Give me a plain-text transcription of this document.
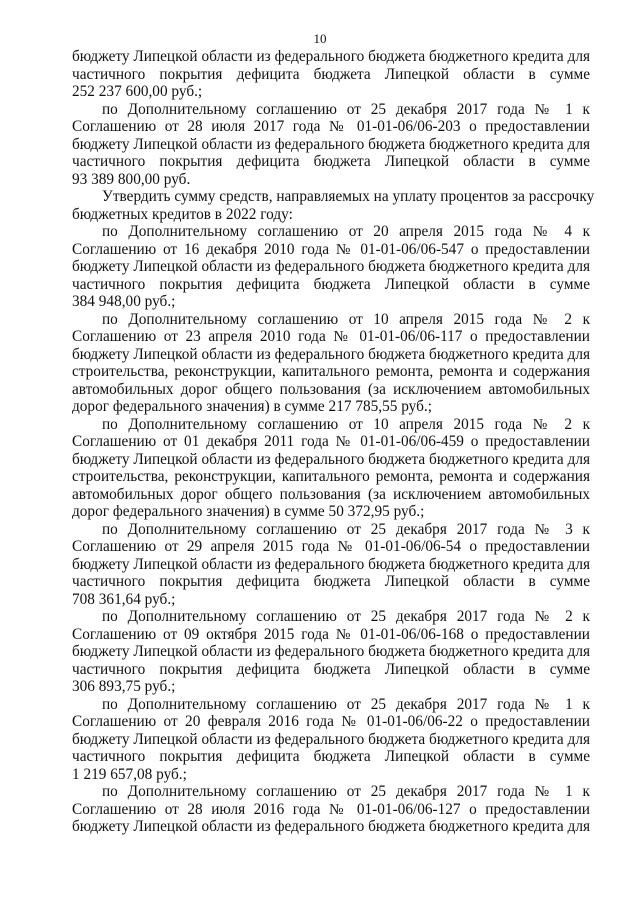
10
бюджету Липецкой области из федерального бюджета бюджетного кредита для
частичного покрытия дефицита бюджета Липецкой области в сумме
252 237 600,00 руб.;
по Дополнительному соглашению от 25 декабря 2017 года № 1 к
Соглашению от 28 июля 2017 года № 01-01-06/06-203 о предоставлении
бюджету Липецкой области из федерального бюджета бюджетного кредита для
частичного покрытия дефицита бюджета Липецкой области в сумме
93 389 800,00 руб.
Утвердить сумму средств, направляемых на уплату процентов за рассрочку
бюджетных кредитов в 2022 году:
по Дополнительному соглашению от 20 апреля 2015 года № 4 к
Соглашению от 16 декабря 2010 года № 01-01-06/06-547 о предоставлении
бюджету Липецкой области из федерального бюджета бюджетного кредита для
частичного покрытия дефицита бюджета Липецкой области в сумме
384 948,00 руб.;
по Дополнительному соглашению от 10 апреля 2015 года № 2 к
Соглашению от 23 апреля 2010 года № 01-01-06/06-117 о предоставлении
бюджету Липецкой области из федерального бюджета бюджетного кредита для
строительства, реконструкции, капитального ремонта, ремонта и содержания
автомобильных дорог общего пользования (за исключением автомобильных
дорог федерального значения) в сумме 217 785,55 руб.;
по Дополнительному соглашению от 10 апреля 2015 года № 2 к
Соглашению от 01 декабря 2011 года № 01-01-06/06-459 о предоставлении
бюджету Липецкой области из федерального бюджета бюджетного кредита для
строительства, реконструкции, капитального ремонта, ремонта и содержания
автомобильных дорог общего пользования (за исключением автомобильных
дорог федерального значения) в сумме 50 372,95 руб.;
по Дополнительному соглашению от 25 декабря 2017 года № 3 к
Соглашению от 29 апреля 2015 года № 01-01-06/06-54 о предоставлении
бюджету Липецкой области из федерального бюджета бюджетного кредита для
частичного покрытия дефицита бюджета Липецкой области в сумме
708 361,64 руб.;
по Дополнительному соглашению от 25 декабря 2017 года № 2 к
Соглашению от 09 октября 2015 года № 01-01-06/06-168 о предоставлении
бюджету Липецкой области из федерального бюджета бюджетного кредита для
частичного покрытия дефицита бюджета Липецкой области в сумме
306 893,75 руб.;
по Дополнительному соглашению от 25 декабря 2017 года № 1 к
Соглашению от 20 февраля 2016 года № 01-01-06/06-22 о предоставлении
бюджету Липецкой области из федерального бюджета бюджетного кредита для
частичного покрытия дефицита бюджета Липецкой области в сумме
1 219 657,08 руб.;
по Дополнительному соглашению от 25 декабря 2017 года № 1 к
Соглашению от 28 июля 2016 года № 01-01-06/06-127 о предоставлении
бюджету Липецкой области из федерального бюджета бюджетного кредита для
